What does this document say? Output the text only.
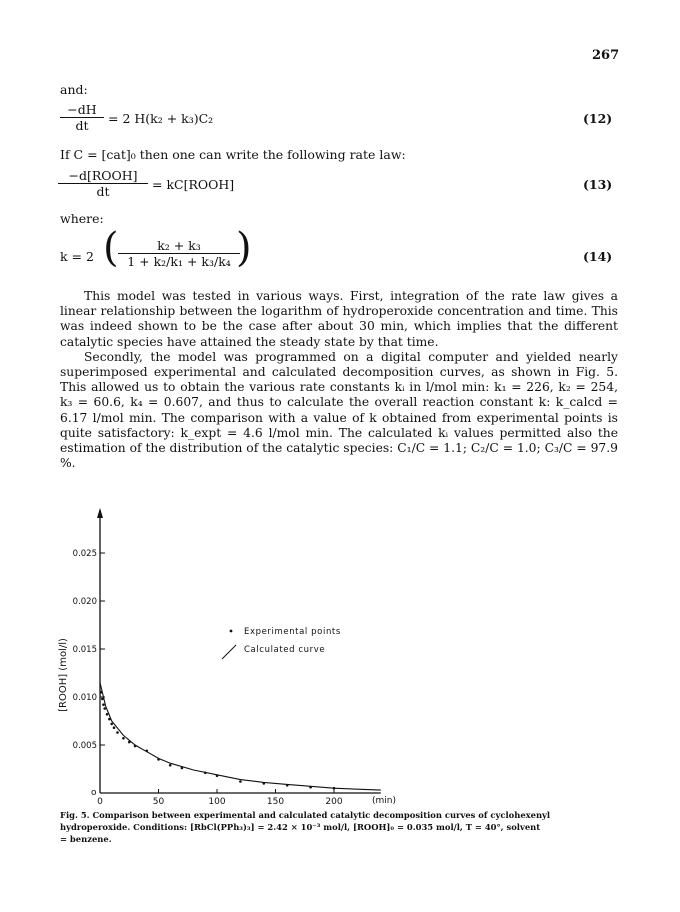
267
and:
$\frac{-dH}{dt} = 2$ H(k₂ + k₃)C₂	(12)
If C = [cat]₀ then one can write the following rate law:
−d[ROOH]
dt	= kC[ROOH]	(13)
where:
k = 2 ( $\frac{\text{k₂ + k₃}}{\text{1 + k₂/k₁ + k₃/k₄}}$
)	(14)

This model was tested in various ways. First, integration of the rate law gives a linear relationship between the logarithm of hydroperoxide concentration and time. This was indeed shown to be the case after about 30 min, which implies that the different catalytic species have attained the steady state by that time.

Secondly, the model was programmed on a digital computer and yielded nearly superimposed experimental and calculated decomposition curves, as shown in Fig. 5. This allowed us to obtain the various rate constants kᵢ in l/mol min: k₁ = 226, k₂ = 254, k₃ = 60.6, k₄ = 0.607, and thus to calculate the overall reaction constant k: k_calcd = 6.17 l/mol min. The comparison with a value of k obtained from experimental points is quite satisfactory: k_expt = 4.6 l/mol min. The calculated kᵢ values permitted also the estimation of the distribution of the catalytic species: C₁/C = 1.1; C₂/C = 1.0; C₃/C = 97.9 %.

o
0.005
0.010
0.015
0.020
0.025
0	50	100	150	200
[ROOH] (mol/l)
(min)
Experimental points
Calculated curve
Fig. 5. Comparison between experimental and calculated catalytic decomposition curves of cyclohexenyl
hydroperoxide. Conditions: [RbCl(PPh₃)₃] = 2.42 × 10⁻³ mol/l, [ROOH]₀ = 0.035 mol/l, T = 40°, solvent
= benzene.
